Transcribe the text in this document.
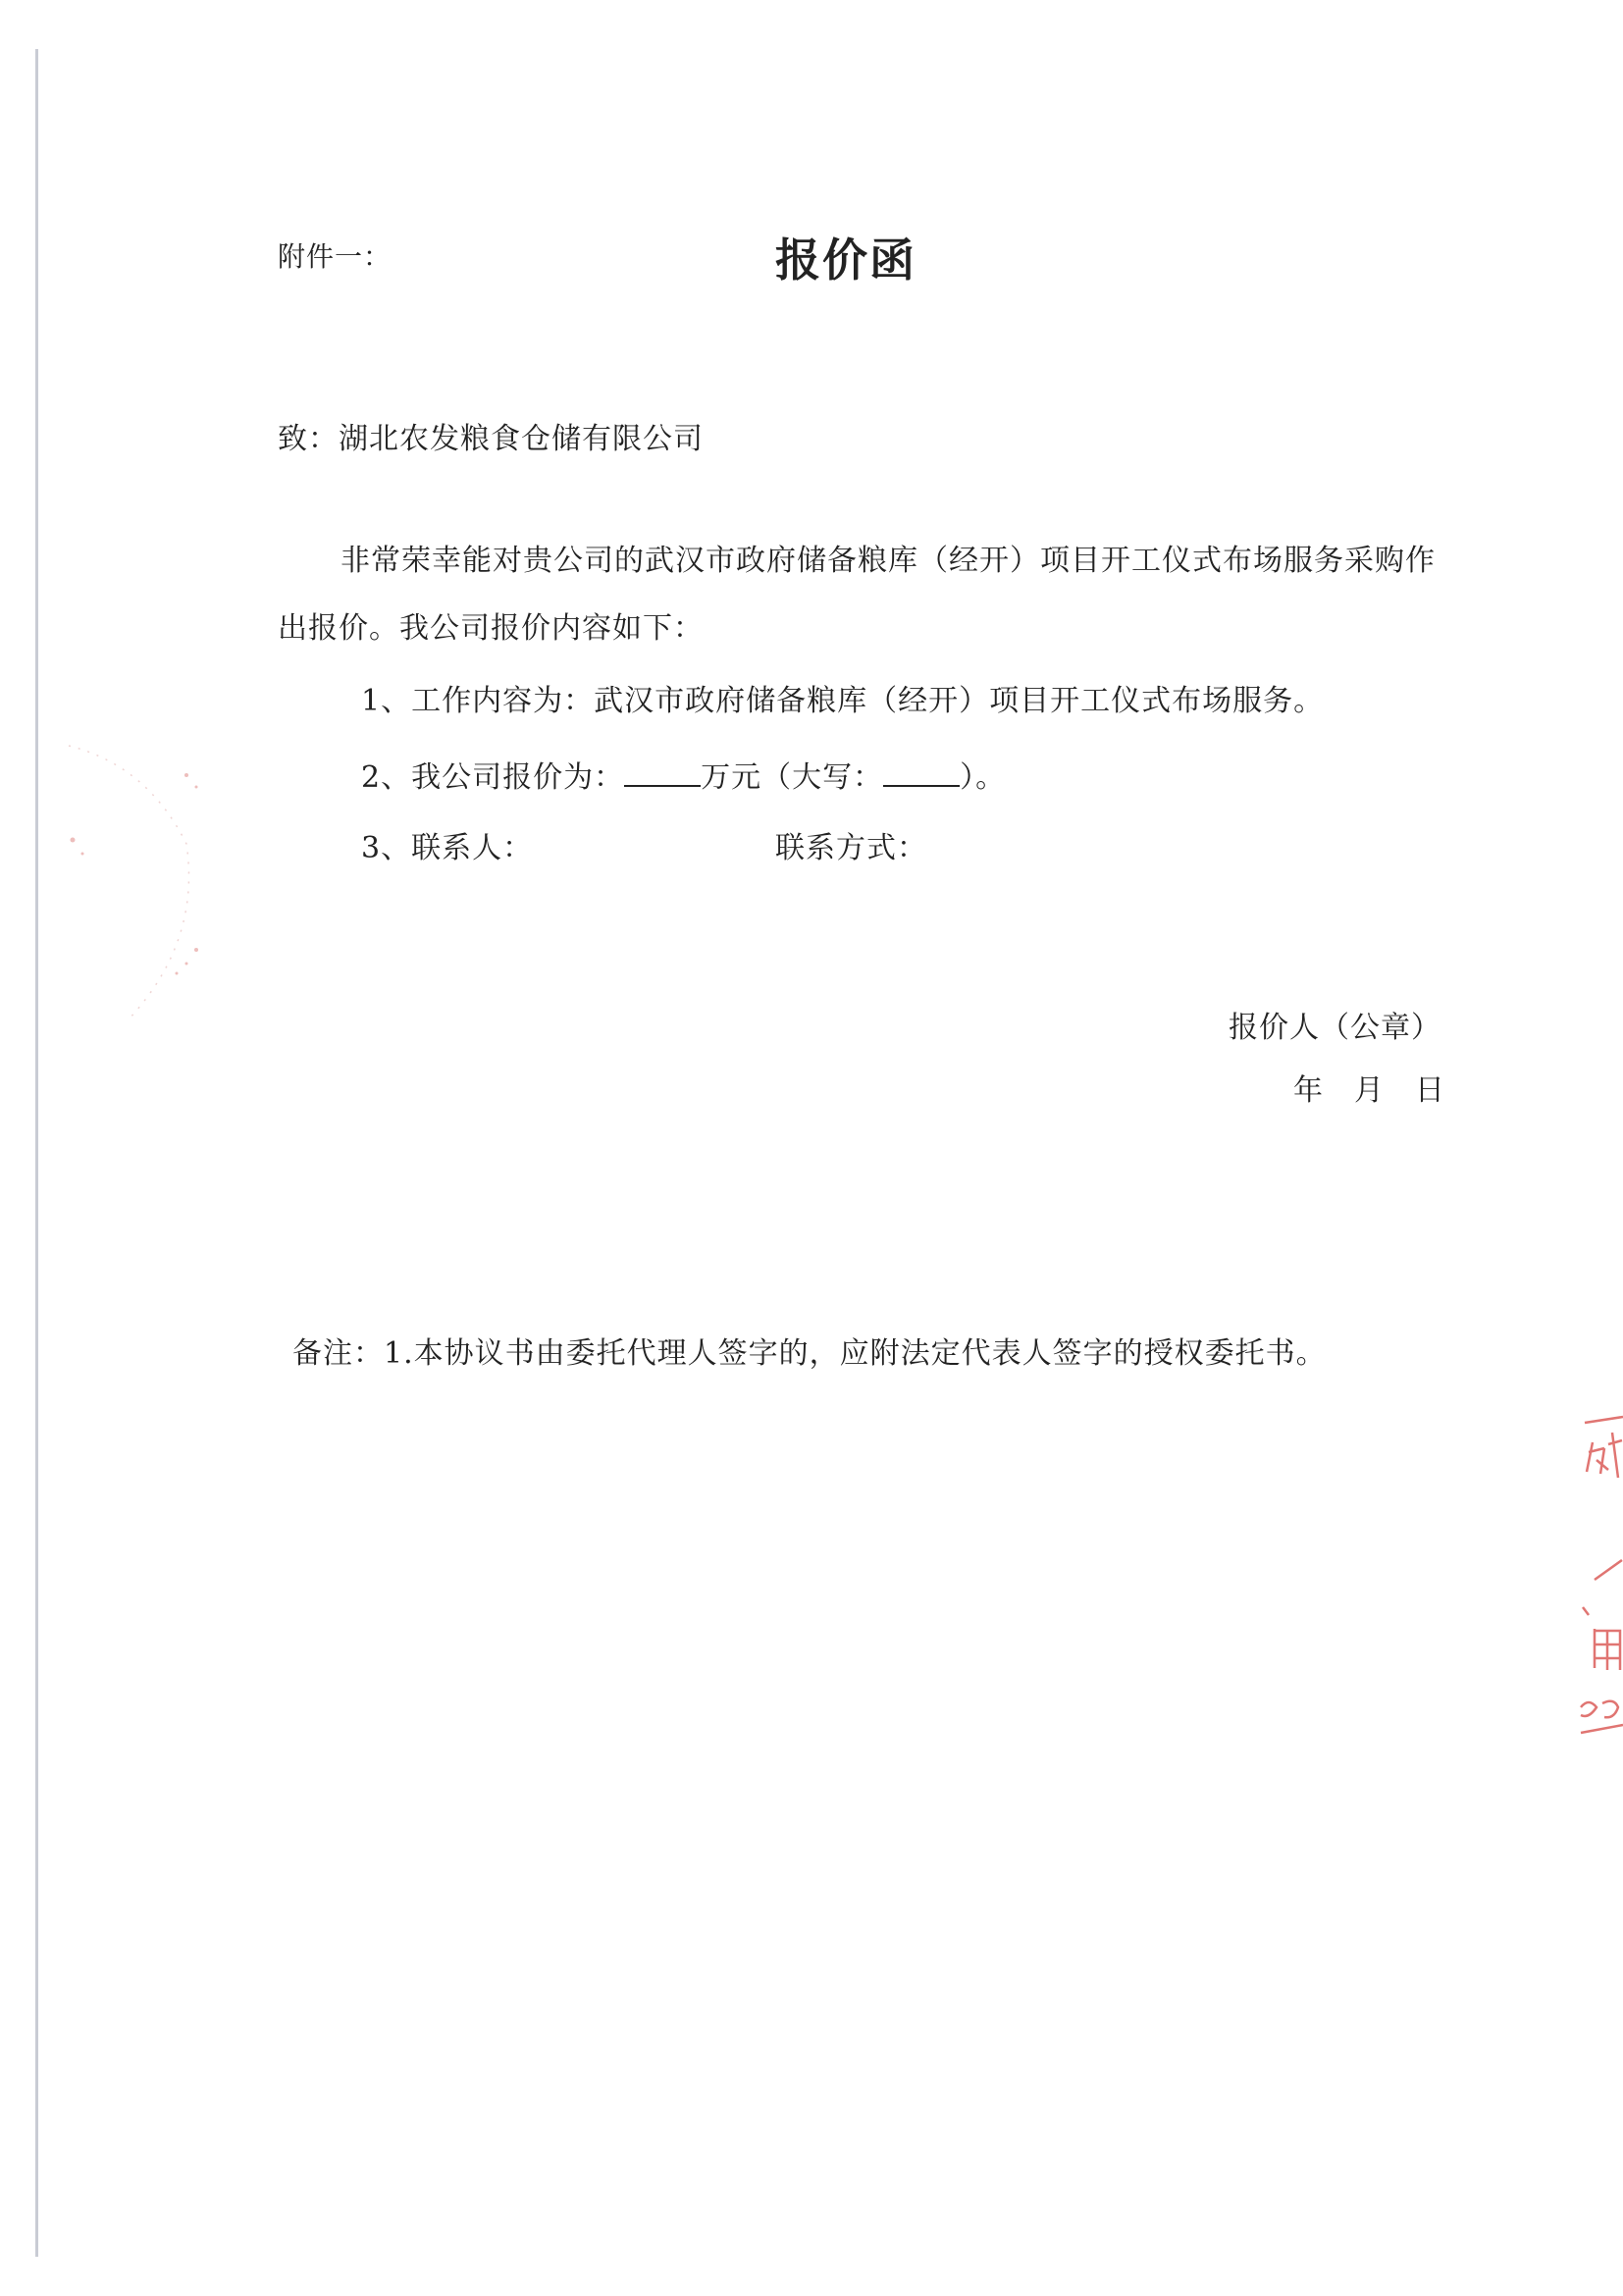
附件一：	报价函
致：湖北农发粮食仓储有限公司
非常荣幸能对贵公司的武汉市政府储备粮库（经开）项目开工仪式布场服务采购作
出报价。我公司报价内容如下：
1、工作内容为：武汉市政府储备粮库（经开）项目开工仪式布场服务。
2、我公司报价为：	万元（大写：	）。
3、联系人：	联系方式：
报价人（公章）
年　月　日
备注：1.本协议书由委托代理人签字的，应附法定代表人签字的授权委托书。
